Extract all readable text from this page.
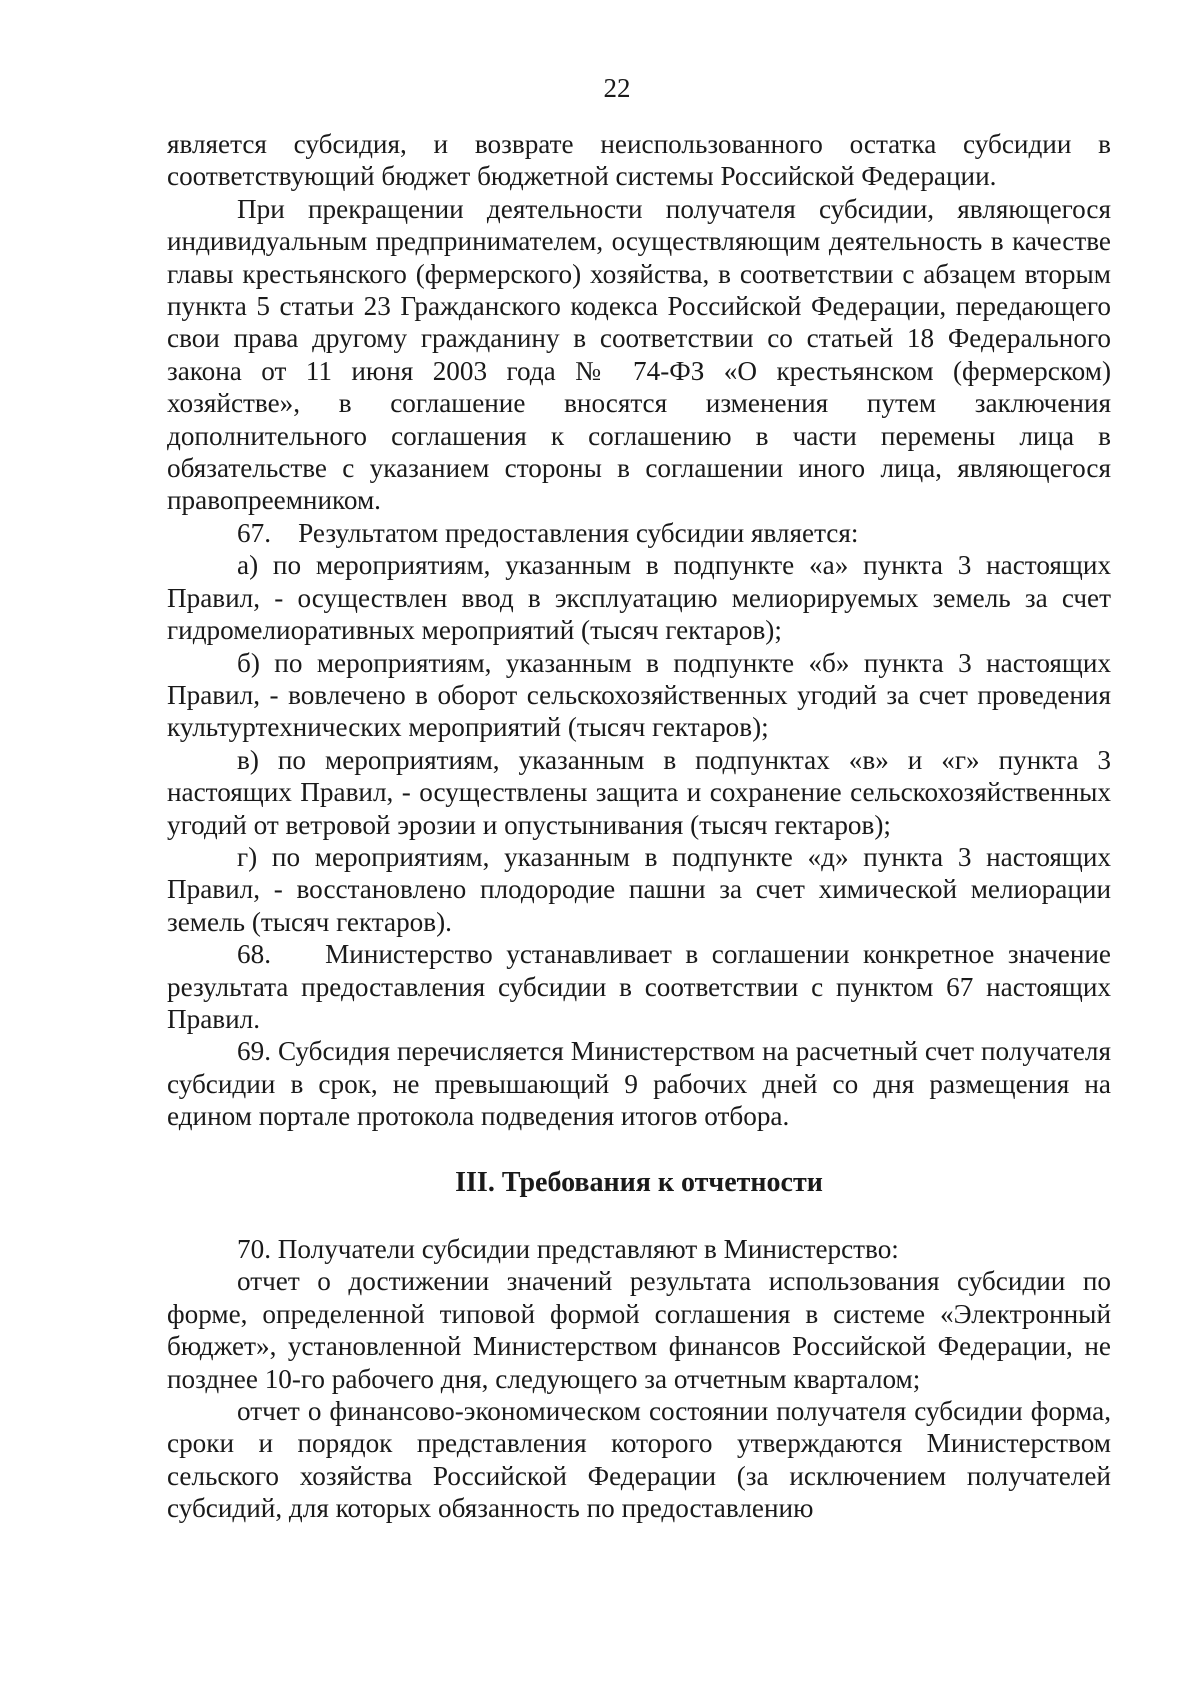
22

является субсидия, и возврате неиспользованного остатка субсидии в соответствующий бюджет бюджетной системы Российской Федерации.

При прекращении деятельности получателя субсидии, являющегося индивидуальным предпринимателем, осуществляющим деятельность в качестве главы крестьянского (фермерского) хозяйства, в соответствии с абзацем вторым пункта 5 статьи 23 Гражданского кодекса Российской Федерации, передающего свои права другому гражданину в соответствии со статьей 18 Федерального закона от 11 июня 2003 года № 74-ФЗ «О крестьянском (фермерском) хозяйстве», в соглашение вносятся изменения путем заключения дополнительного соглашения к соглашению в части перемены лица в обязательстве с указанием стороны в соглашении иного лица, являющегося правопреемником.

67.    Результатом предоставления субсидии является:

а) по мероприятиям, указанным в подпункте «а» пункта 3 настоящих Правил, - осуществлен ввод в эксплуатацию мелиорируемых земель за счет гидромелиоративных мероприятий (тысяч гектаров);

б) по мероприятиям, указанным в подпункте «б» пункта 3 настоящих Правил, - вовлечено в оборот сельскохозяйственных угодий за счет проведения культуртехнических мероприятий (тысяч гектаров);

в) по мероприятиям, указанным в подпунктах «в» и «г» пункта 3 настоящих Правил, - осуществлены защита и сохранение сельскохозяйственных угодий от ветровой эрозии и опустынивания (тысяч гектаров);

г) по мероприятиям, указанным в подпункте «д» пункта 3 настоящих Правил, - восстановлено плодородие пашни за счет химической мелиорации земель (тысяч гектаров).

68.    Министерство устанавливает в соглашении конкретное значение результата предоставления субсидии в соответствии с пунктом 67 настоящих Правил.

69. Субсидия перечисляется Министерством на расчетный счет получателя субсидии в срок, не превышающий 9 рабочих дней со дня размещения на едином портале протокола подведения итогов отбора.

III. Требования к отчетности

70. Получатели субсидии представляют в Министерство:

отчет о достижении значений результата использования субсидии по форме, определенной типовой формой соглашения в системе «Электронный бюджет», установленной Министерством финансов Российской Федерации, не позднее 10-го рабочего дня, следующего за отчетным кварталом;

отчет о финансово-экономическом состоянии получателя субсидии форма, сроки и порядок представления которого утверждаются Министерством сельского хозяйства Российской Федерации (за исключением получателей субсидий, для которых обязанность по предоставлению
